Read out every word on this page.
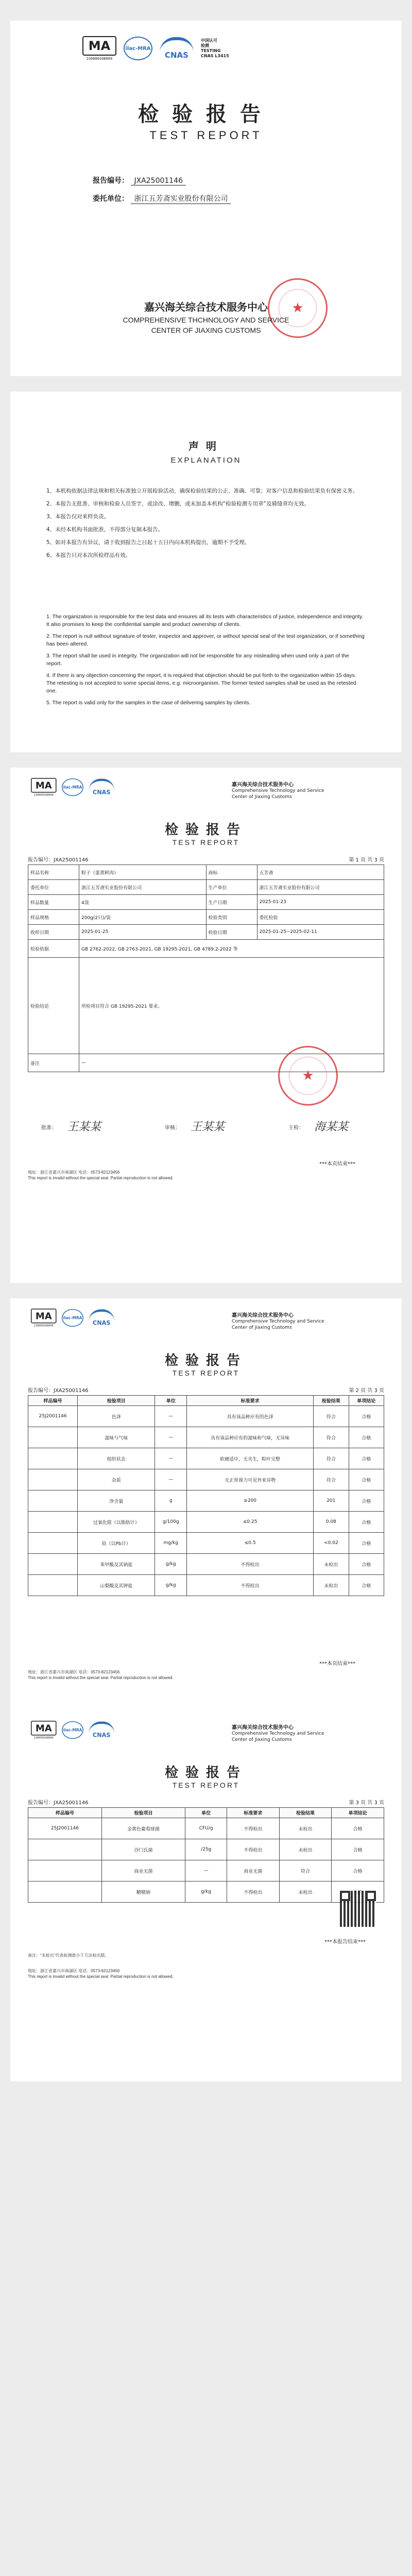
MA
230000348009
ilac-MRA
CNAS
中国认可
检测
TESTING
CNAS L3415
检验报告
TEST REPORT
报告编号： JXA25001146
委托单位： 浙江五芳斋实业股份有限公司
★
嘉兴海关综合技术服务中心
COMPREHENSIVE THCHNOLOGY AND SERVICE
CENTER OF JIAXING CUSTOMS
声明
EXPLANATION
1、本机构依据法律法规和相关标准独立开展检验活动，确保检验结果的公正、准确、可靠；对客户信息和检验结果负有保密义务。
2、本报告无批准、审核和检验人员签字，或涂改、增删，或未加盖本机构“检验检测专用章”及骑缝章均无效。
3、本报告仅对来样负责。
4、未经本机构书面批准，不得部分复制本报告。
5、如对本报告有异议，请于收到报告之日起十五日内向本机构提出，逾期不予受理。
6、本报告只对本次所检样品有效。
1. The organization is responsible for the test data and ensures all its tests with characteristics of justice, independence and integrity. It also promises to keep the confidential sample and product ownership of clients.
2. The report is null without signature of tester, inspector and approver, or without special seal of the test organization, or if something has been altered.
3. The report shall be used in integrity. The organization will not be responsible for any misleading when used only a part of the report.
4. If there is any objection concerning the report, it is required that objection should be put forth to the organization within 15 days. The retesting is not accepted to some special items, e.g. microorganism. The former tested samples shall be used as the retested one.
5. The report is valid only for the samples in the case of delivering samples by clients.
MA
230000348009
ilac-MRA
CNAS
嘉兴海关综合技术服务中心
Comprehensive Technology and Service
Center of Jiaxing Customs
检验报告
TEST REPORT
报告编号：JXA25001146	第 1 页 共 3 页
样品名称	粽子（蛋黄鲜肉）	商标	五芳斋
委托单位	浙江五芳斋实业股份有限公司	生产单位	浙江五芳斋实业股份有限公司
样品数量	4袋	生产日期	2025-01-23
样品规格	200g(2只)/袋	检验类别	委托检验
收样日期	2025-01-25	检验日期	2025-01-25~2025-02-11
检验依据	GB 2762-2022, GB 2763-2021, GB 19295-2021, GB 4789.2-2022 等		
检验结论	所检项目符合 GB 19295-2021 要求。		
备注	—		
★
批准：	审核：	主检：
王某某	王某某	海某某
***本页结束***
地址：浙江省嘉兴市南湖区 电话：0573-82123456
This report is invalid without the special seal. Partial reproduction is not allowed.
MA
230000348009
ilac-MRA
CNAS
嘉兴海关综合技术服务中心
Comprehensive Technology and Service
Center of Jiaxing Customs
检验报告
TEST REPORT
报告编号：JXA25001146	第 2 页 共 3 页
样品编号	检验项目	单位	标准要求	检验结果	单项结论
25J2001146	色泽	—	具有该品种应有的色泽	符合	合格
	滋味与气味	—	具有该品种应有的滋味和气味，无异味	符合	合格
	组织状态	—	软硬适中，无夹生，粽叶完整	符合	合格
	杂质	—	无正常视力可见外来异物	符合	合格
	净含量	g	≥200	201	合格
	过氧化值（以脂肪计）	g/100g	≤0.25	0.08	合格
	铅（以Pb计）	mg/kg	≤0.5	<0.02	合格
	苯甲酸及其钠盐	g/kg	不得检出	未检出	合格
	山梨酸及其钾盐	g/kg	不得检出	未检出	合格
***本页结束***
地址：浙江省嘉兴市南湖区 电话：0573-82123456
This report is invalid without the special seal. Partial reproduction is not allowed.
MA
230000348009
ilac-MRA
CNAS
嘉兴海关综合技术服务中心
Comprehensive Technology and Service
Center of Jiaxing Customs
检验报告
TEST REPORT
报告编号：JXA25001146	第 3 页 共 3 页
样品编号	检验项目	单位	标准要求	检验结果	单项结论
25J2001146	金黄色葡萄球菌	CFU/g	不得检出	未检出	合格
	沙门氏菌	/25g	不得检出	未检出	合格
	商业无菌	—	商业无菌	符合	合格
	糖精钠	g/kg	不得检出	未检出	
***本报告结束***
备注：“未检出”代表检测值小于方法检出限。
地址：浙江省嘉兴市南湖区 电话：0573-82123456
This report is invalid without the special seal. Partial reproduction is not allowed.
